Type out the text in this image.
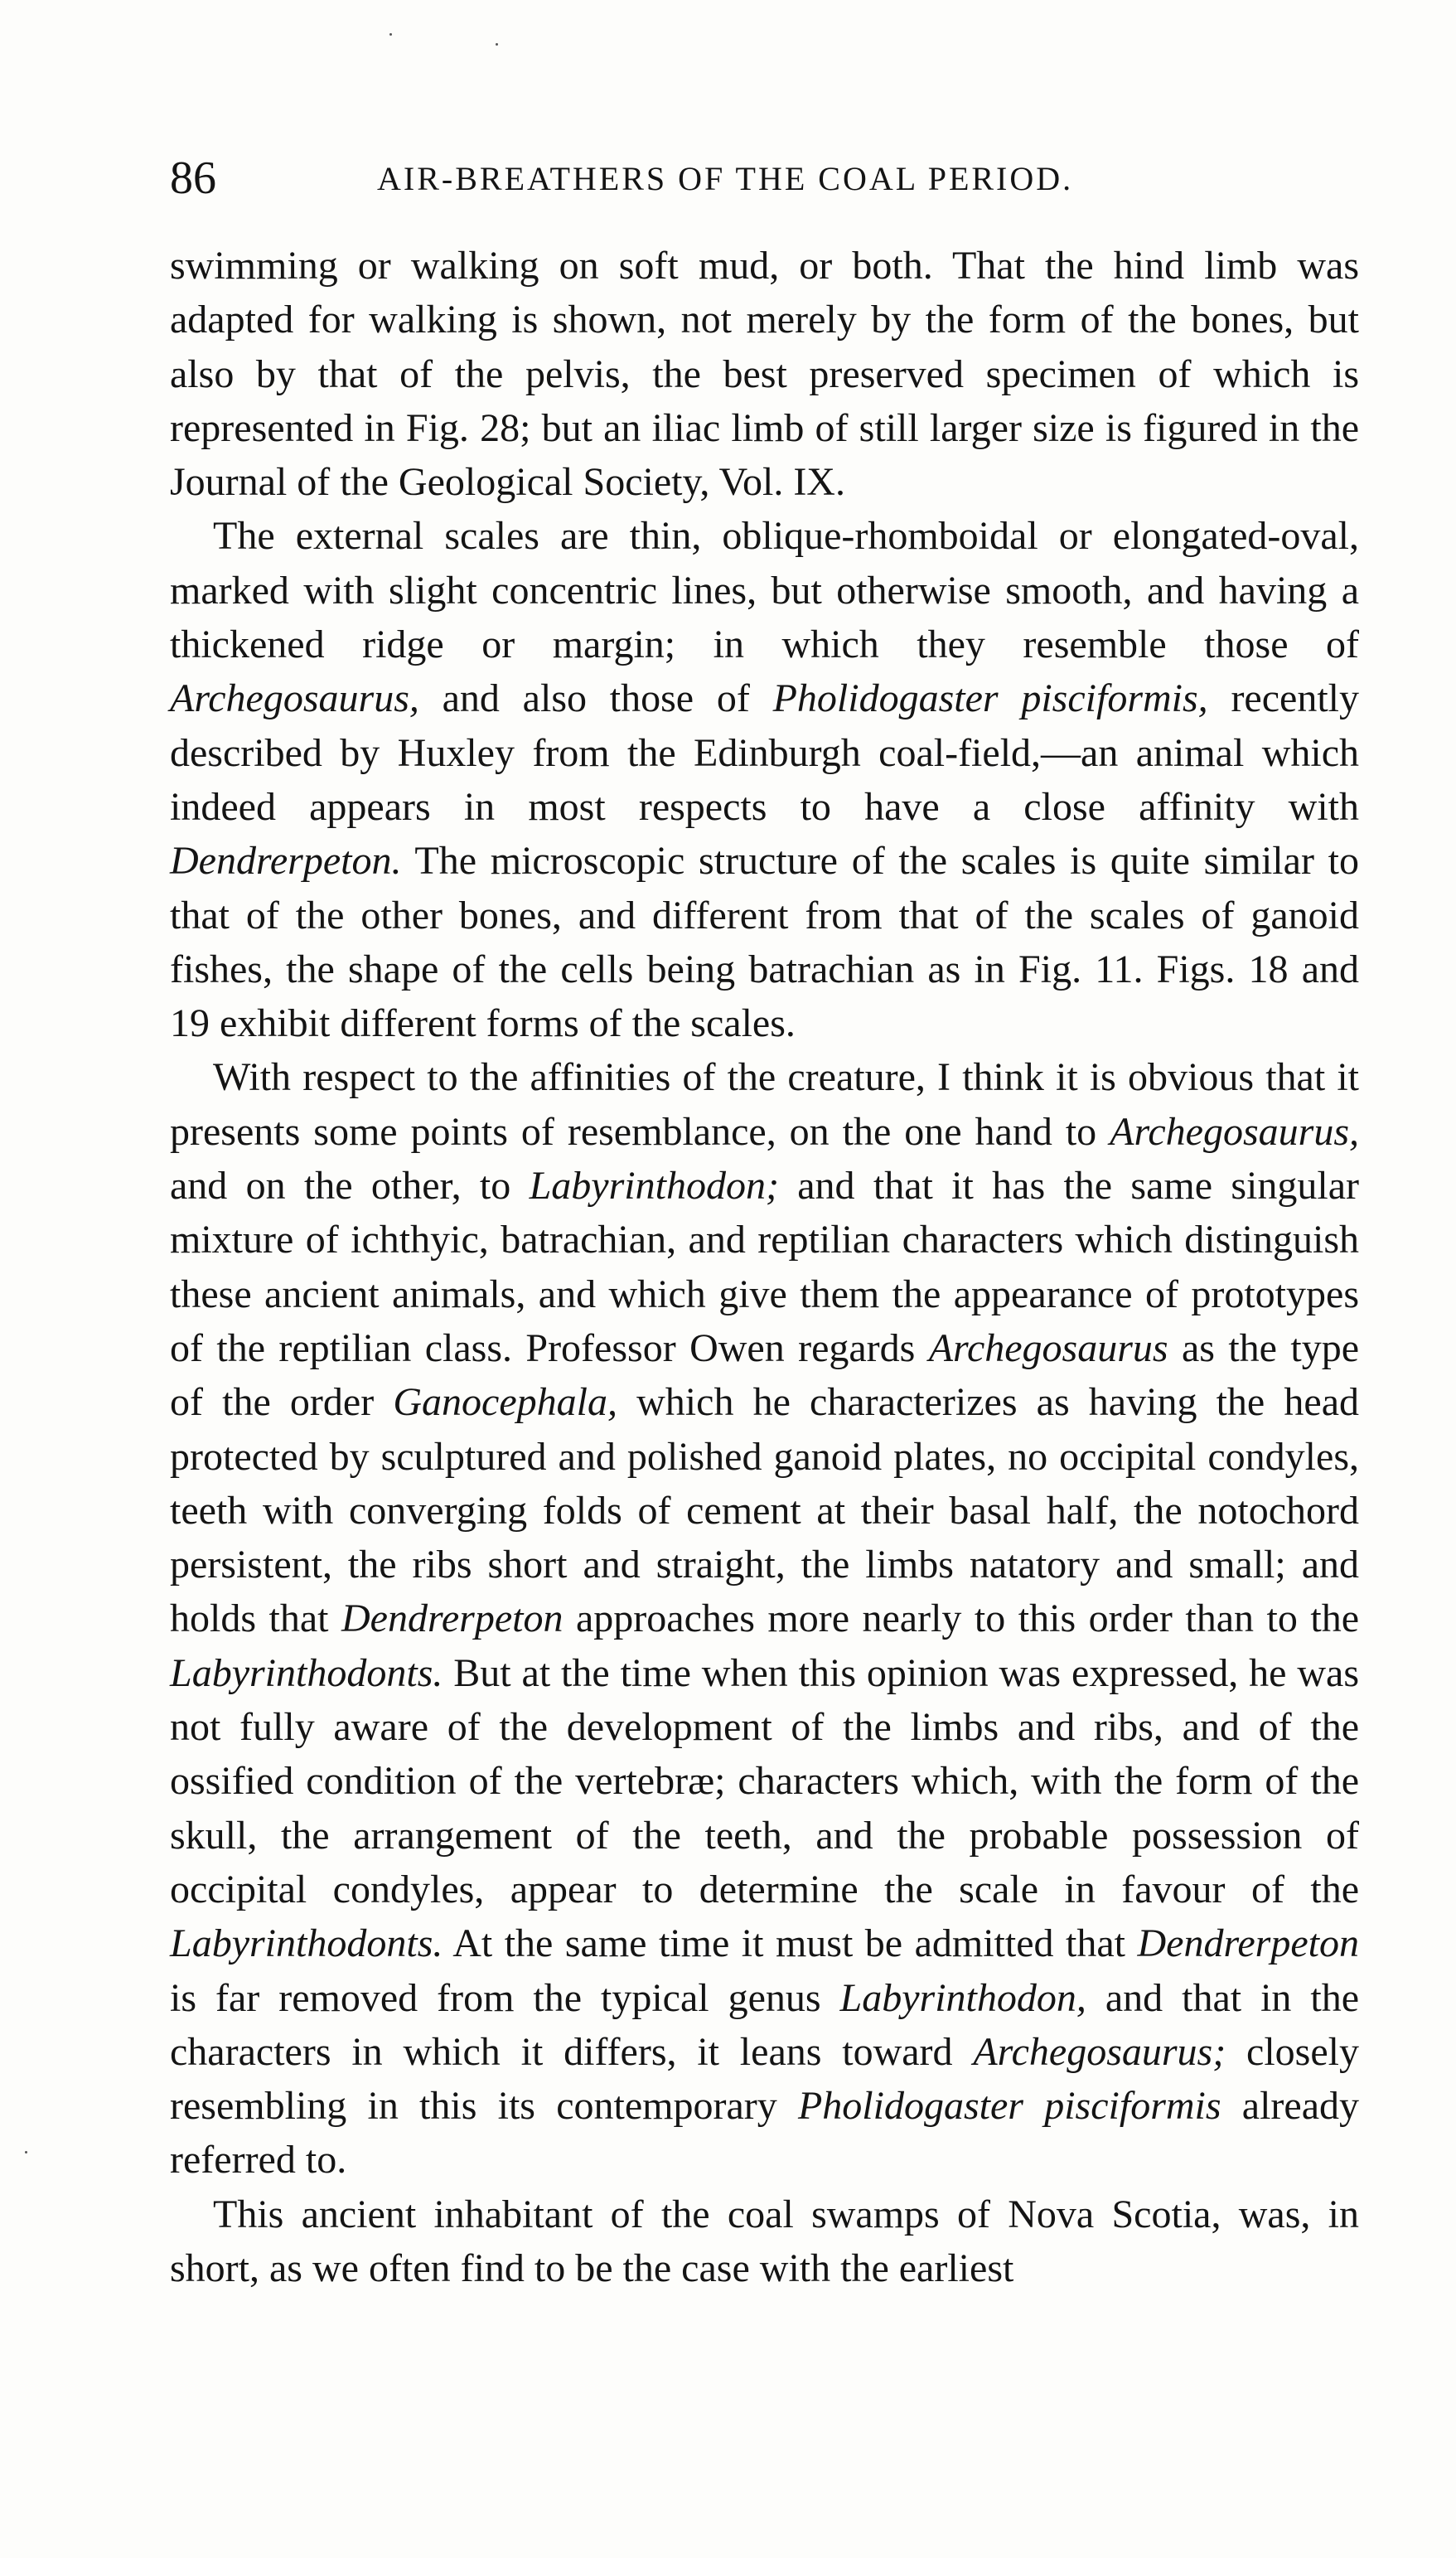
86	AIR-BREATHERS OF THE COAL PERIOD.

swimming or walking on soft mud, or both. That the hind limb was adapted for walking is shown, not merely by the form of the bones, but also by that of the pelvis, the best preserved specimen of which is represented in Fig. 28; but an iliac limb of still larger size is figured in the Journal of the Geological Society, Vol. IX.

The external scales are thin, oblique-rhomboidal or elongated-oval, marked with slight concentric lines, but otherwise smooth, and having a thickened ridge or margin; in which they resemble those of Archegosaurus, and also those of Pholidogaster pisciformis, recently described by Huxley from the Edinburgh coal-field,—an animal which indeed appears in most respects to have a close affinity with Dendrerpeton. The microscopic structure of the scales is quite similar to that of the other bones, and different from that of the scales of ganoid fishes, the shape of the cells being batrachian as in Fig. 11. Figs. 18 and 19 exhibit different forms of the scales.

With respect to the affinities of the creature, I think it is obvious that it presents some points of resemblance, on the one hand to Archegosaurus, and on the other, to Labyrinthodon; and that it has the same singular mixture of ichthyic, batrachian, and reptilian characters which distinguish these ancient animals, and which give them the appearance of prototypes of the reptilian class. Professor Owen regards Archegosaurus as the type of the order Ganocephala, which he characterizes as having the head protected by sculptured and polished ganoid plates, no occipital condyles, teeth with converging folds of cement at their basal half, the notochord persistent, the ribs short and straight, the limbs natatory and small; and holds that Dendrerpeton approaches more nearly to this order than to the Labyrinthodonts. But at the time when this opinion was expressed, he was not fully aware of the development of the limbs and ribs, and of the ossified condition of the vertebræ; characters which, with the form of the skull, the arrangement of the teeth, and the probable possession of occipital condyles, appear to determine the scale in favour of the Labyrinthodonts. At the same time it must be admitted that Dendrerpeton is far removed from the typical genus Labyrinthodon, and that in the characters in which it differs, it leans toward Archegosaurus; closely resembling in this its contemporary Pholidogaster pisciformis already referred to.

This ancient inhabitant of the coal swamps of Nova Scotia, was, in short, as we often find to be the case with the earliest
